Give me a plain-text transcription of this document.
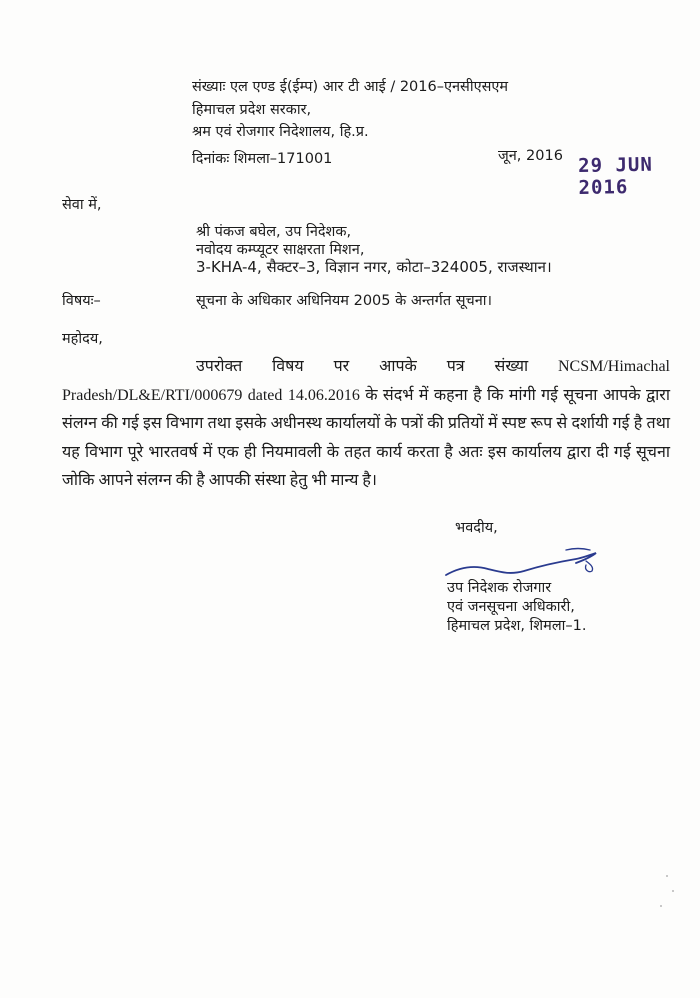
संख्याः एल एण्ड ई(ईम्प) आर टी आई / 2016–एनसीएसएम
हिमाचल प्रदेश सरकार,
श्रम एवं रोजगार निदेशालय, हि.प्र.
दिनांकः शिमला–171001	जून, 2016 29 JUN 2016
सेवा में,
श्री पंकज बघेल, उप निदेशक,
नवोदय कम्प्यूटर साक्षरता मिशन,
3-KHA-4, सैक्टर–3, विज्ञान नगर, कोटा–324005, राजस्थान।
विषयः–	सूचना के अधिकार अधिनियम 2005 के अन्तर्गत सूचना।
महोदय,
उपरोक्त विषय पर आपके पत्र संख्या NCSM/Himachal Pradesh/DL&E/RTI/000679 dated 14.06.2016 के संदर्भ में कहना है कि मांगी गई सूचना आपके द्वारा संलग्न की गई इस विभाग तथा इसके अधीनस्थ कार्यालयों के पत्रों की प्रतियों में स्पष्ट रूप से दर्शायी गई है तथा यह विभाग पूरे भारतवर्ष में एक ही नियमावली के तहत कार्य करता है अतः इस कार्यालय द्वारा दी गई सूचना जोकि आपने संलग्न की है आपकी संस्था हेतु भी मान्य है।
भवदीय,
उप निदेशक रोजगार
एवं जनसूचना अधिकारी,
हिमाचल प्रदेश, शिमला–1.
